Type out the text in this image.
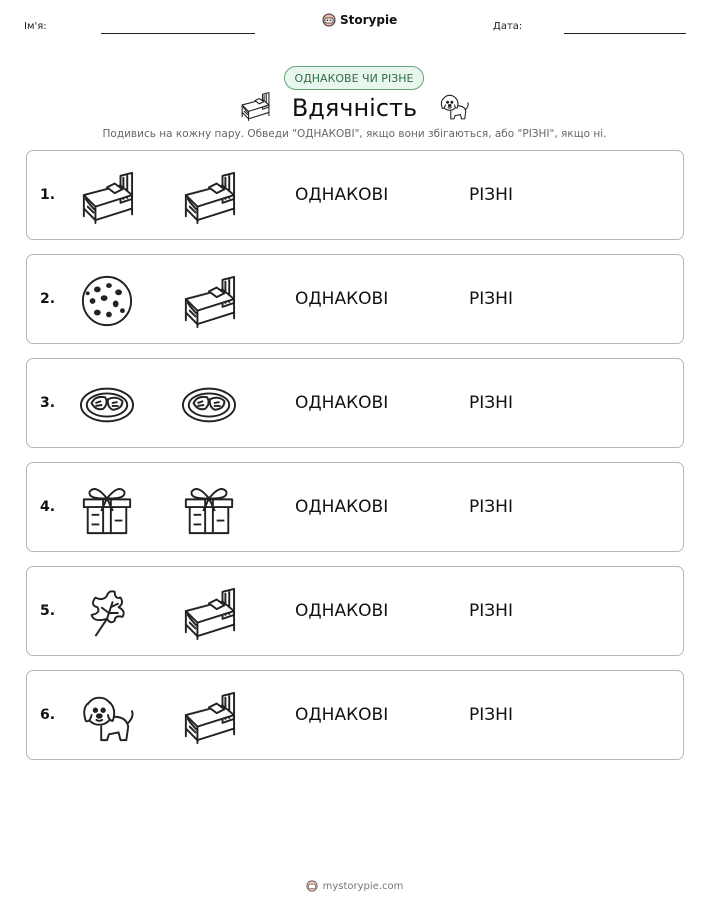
Ім'я:	Storypie	Дата:
ОДНАКОВЕ ЧИ РІЗНЕ
Вдячність
Подивись на кожну пару. Обведи "ОДНАКОВІ", якщо вони збігаються, або "РІЗНІ", якщо ні.
1.	ОДНАКОВІ	РІЗНІ
2.	ОДНАКОВІ	РІЗНІ
3.	ОДНАКОВІ	РІЗНІ
4.	ОДНАКОВІ	РІЗНІ
5.	ОДНАКОВІ	РІЗНІ
6.	ОДНАКОВІ	РІЗНІ
mystorypie.com
